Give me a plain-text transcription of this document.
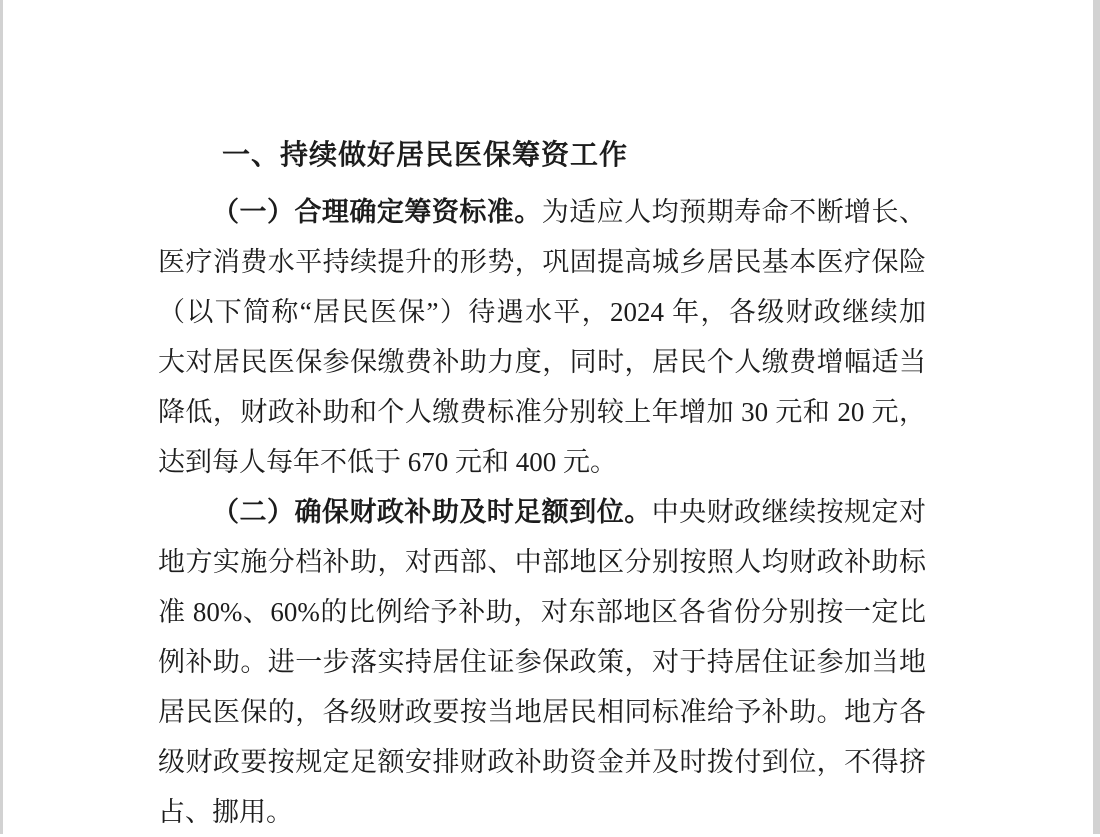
一、持续做好居民医保筹资工作
（一）合理确定筹资标准。为适应人均预期寿命不断增长、
医疗消费水平持续提升的形势，巩固提高城乡居民基本医疗保险
（以下简称“居民医保”）待遇水平，2024 年，各级财政继续加
大对居民医保参保缴费补助力度，同时，居民个人缴费增幅适当
降低，财政补助和个人缴费标准分别较上年增加 30 元和 20 元，
达到每人每年不低于 670 元和 400 元。
（二）确保财政补助及时足额到位。中央财政继续按规定对
地方实施分档补助，对西部、中部地区分别按照人均财政补助标
准 80%、60%的比例给予补助，对东部地区各省份分别按一定比
例补助。进一步落实持居住证参保政策，对于持居住证参加当地
居民医保的，各级财政要按当地居民相同标准给予补助。地方各
级财政要按规定足额安排财政补助资金并及时拨付到位，不得挤
占、挪用。
